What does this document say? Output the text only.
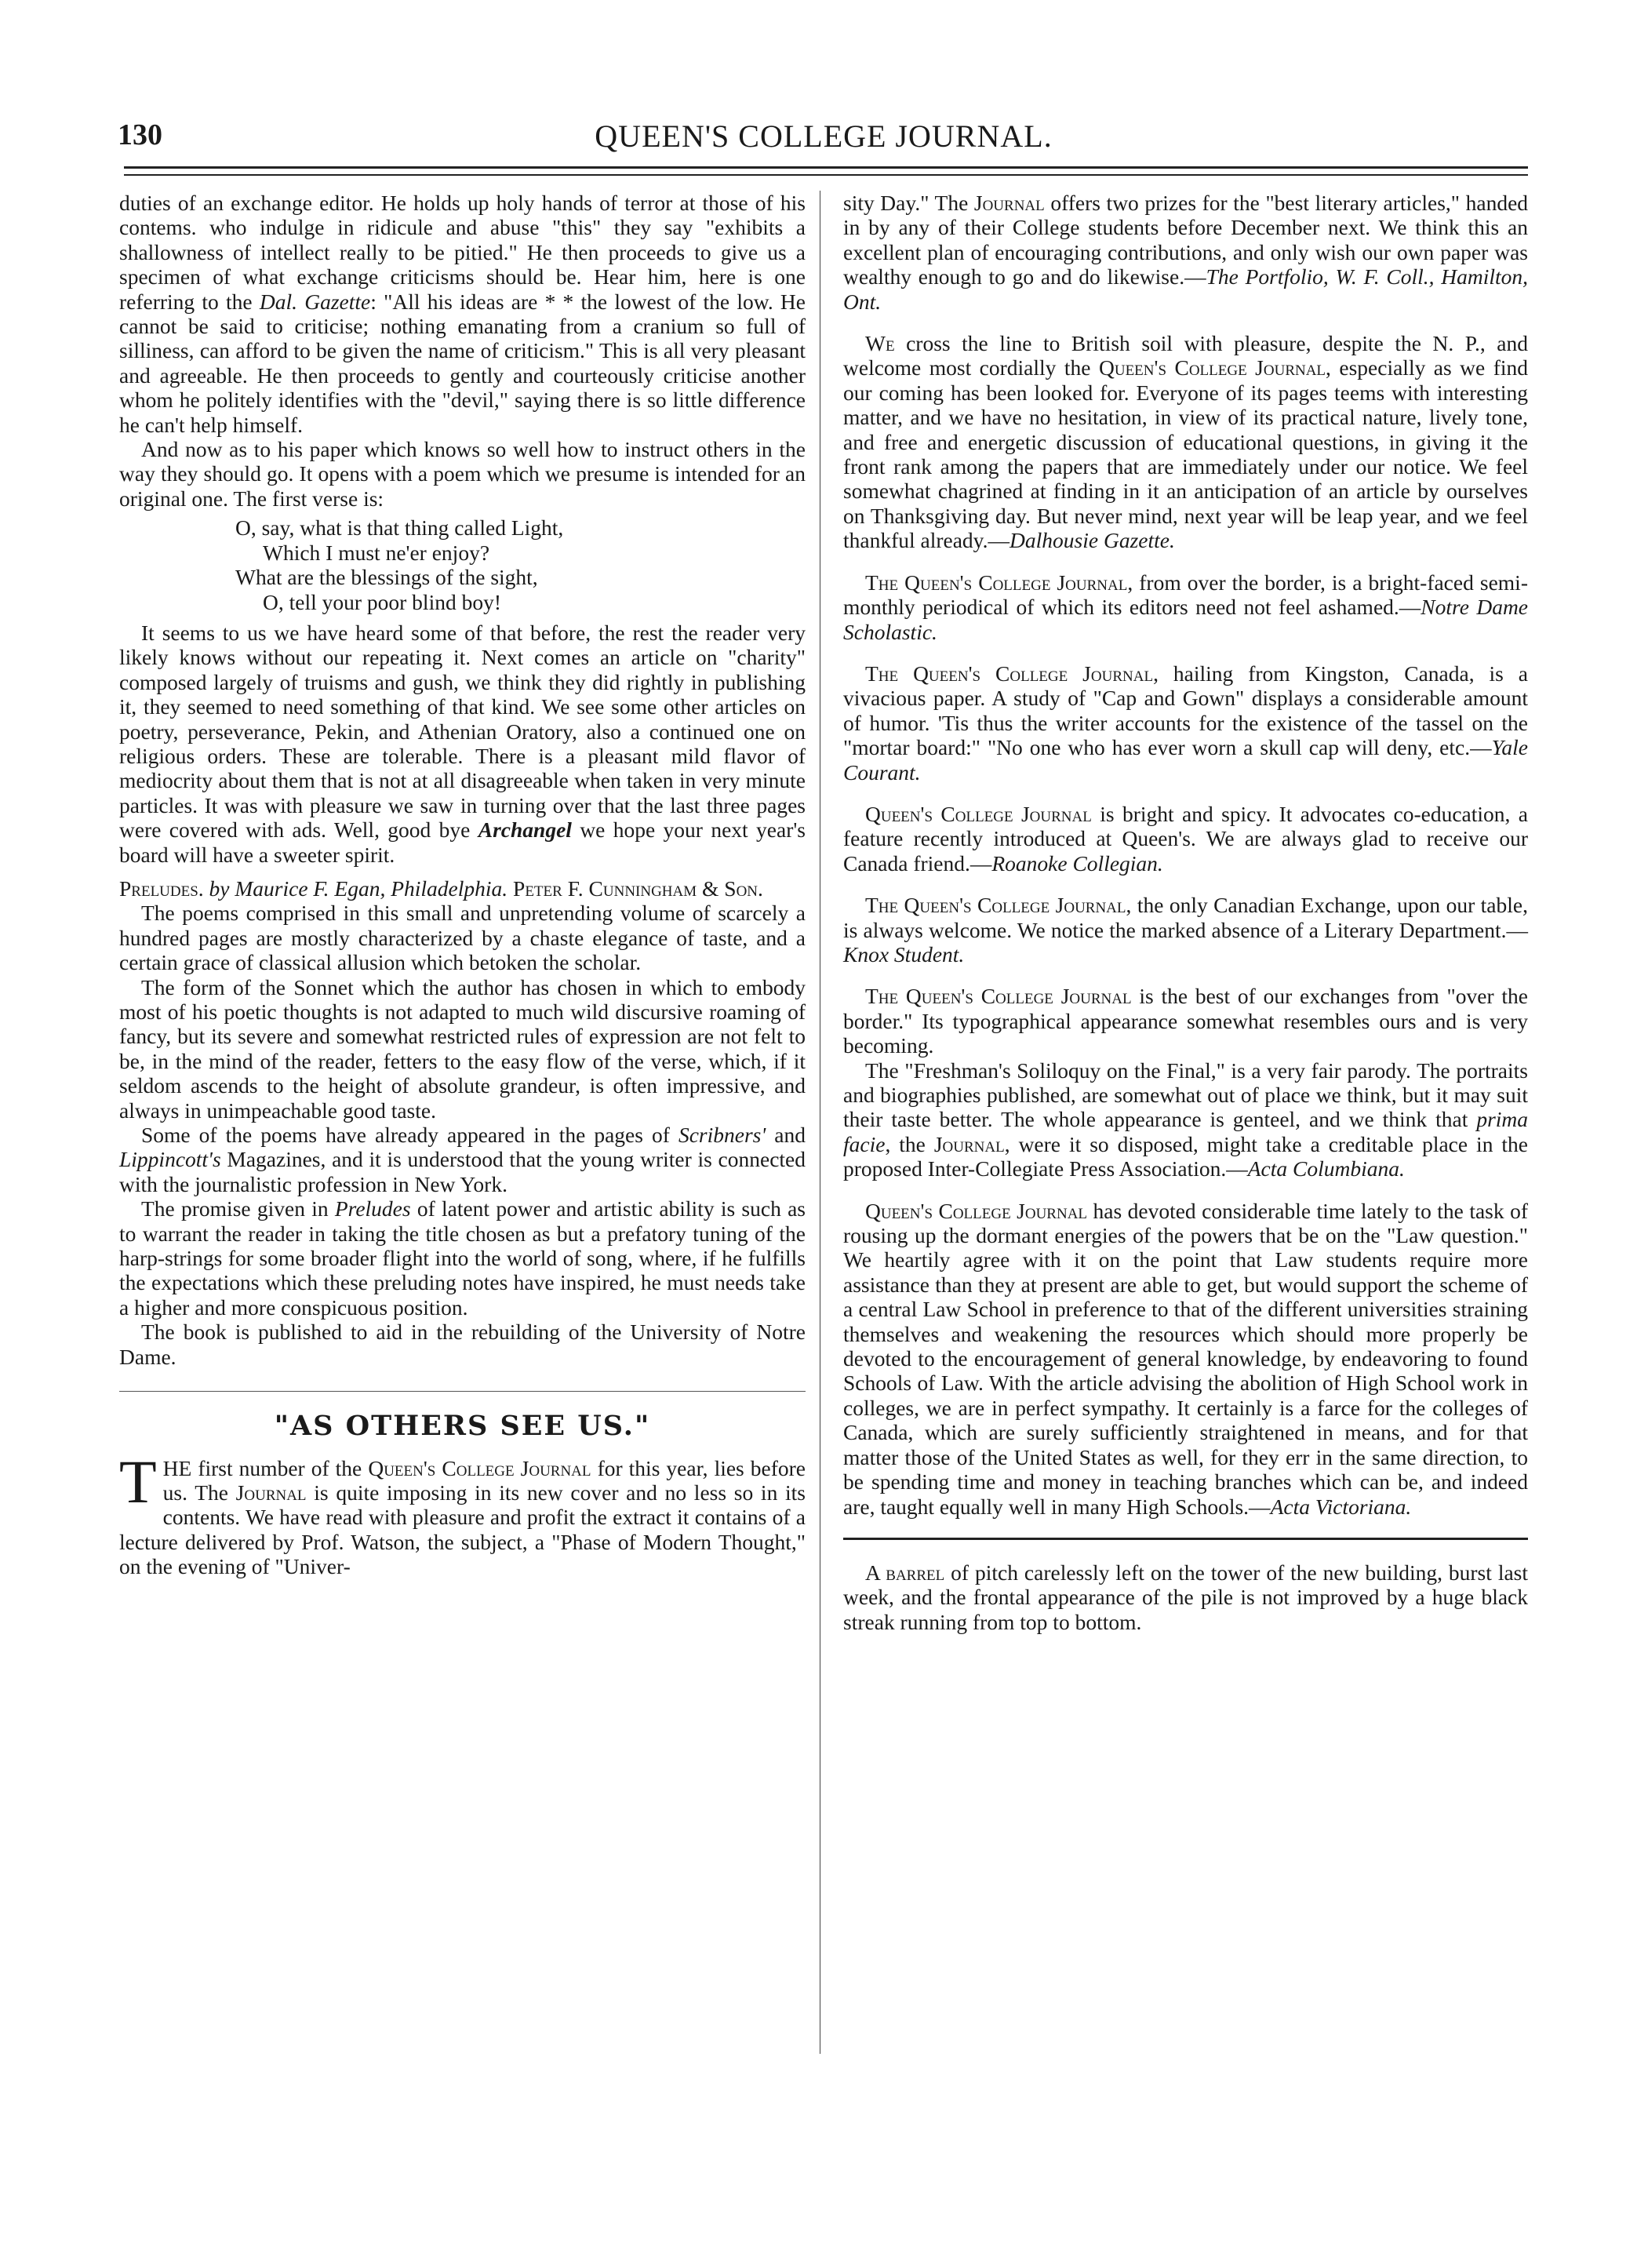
130	QUEEN'S COLLEGE JOURNAL.

duties of an exchange editor. He holds up holy hands of terror at those of his contems. who indulge in ridicule and abuse "this" they say "exhibits a shallowness of intellect really to be pitied." He then proceeds to give us a specimen of what exchange criticisms should be. Hear him, here is one referring to the Dal. Gazette: "All his ideas are * * the lowest of the low. He cannot be said to criticise; nothing emanating from a cranium so full of silliness, can afford to be given the name of criticism." This is all very pleasant and agreeable. He then proceeds to gently and courteously criticise another whom he politely identifies with the "devil," saying there is so little difference he can't help himself.

And now as to his paper which knows so well how to instruct others in the way they should go. It opens with a poem which we presume is intended for an original one. The first verse is:

O, say, what is that thing called Light,
Which I must ne'er enjoy?
What are the blessings of the sight,
O, tell your poor blind boy!

It seems to us we have heard some of that before, the rest the reader very likely knows without our repeating it. Next comes an article on "charity" composed largely of truisms and gush, we think they did rightly in publishing it, they seemed to need something of that kind. We see some other articles on poetry, perseverance, Pekin, and Athenian Oratory, also a continued one on religious orders. These are tolerable. There is a pleasant mild flavor of mediocrity about them that is not at all disagreeable when taken in very minute particles. It was with pleasure we saw in turning over that the last three pages were covered with ads. Well, good bye Archangel we hope your next year's board will have a sweeter spirit.

Preludes. by Maurice F. Egan, Philadelphia. Peter F. Cunningham & Son.

The poems comprised in this small and unpretending volume of scarcely a hundred pages are mostly characterized by a chaste elegance of taste, and a certain grace of classical allusion which betoken the scholar.

The form of the Sonnet which the author has chosen in which to embody most of his poetic thoughts is not adapted to much wild discursive roaming of fancy, but its severe and somewhat restricted rules of expression are not felt to be, in the mind of the reader, fetters to the easy flow of the verse, which, if it seldom ascends to the height of absolute grandeur, is often impressive, and always in unimpeachable good taste.

Some of the poems have already appeared in the pages of Scribners' and Lippincott's Magazines, and it is understood that the young writer is connected with the journalistic profession in New York.

The promise given in Preludes of latent power and artistic ability is such as to warrant the reader in taking the title chosen as but a prefatory tuning of the harp-strings for some broader flight into the world of song, where, if he fulfills the expectations which these preluding notes have inspired, he must needs take a higher and more conspicuous position.

The book is published to aid in the rebuilding of the University of Notre Dame.

"AS OTHERS SEE US."

THE first number of the Queen's College Journal for this year, lies before us. The Journal is quite imposing in its new cover and no less so in its contents. We have read with pleasure and profit the extract it contains of a lecture delivered by Prof. Watson, the subject, a "Phase of Modern Thought," on the evening of "Univer-

sity Day." The Journal offers two prizes for the "best literary articles," handed in by any of their College students before December next. We think this an excellent plan of encouraging contributions, and only wish our own paper was wealthy enough to go and do likewise.—The Portfolio, W. F. Coll., Hamilton, Ont.

We cross the line to British soil with pleasure, despite the N. P., and welcome most cordially the Queen's College Journal, especially as we find our coming has been looked for. Everyone of its pages teems with interesting matter, and we have no hesitation, in view of its practical nature, lively tone, and free and energetic discussion of educational questions, in giving it the front rank among the papers that are immediately under our notice. We feel somewhat chagrined at finding in it an anticipation of an article by ourselves on Thanksgiving day. But never mind, next year will be leap year, and we feel thankful already.—Dalhousie Gazette.

The Queen's College Journal, from over the border, is a bright-faced semi-monthly periodical of which its editors need not feel ashamed.—Notre Dame Scholastic.

The Queen's College Journal, hailing from Kingston, Canada, is a vivacious paper. A study of "Cap and Gown" displays a considerable amount of humor. 'Tis thus the writer accounts for the existence of the tassel on the "mortar board:" "No one who has ever worn a skull cap will deny, etc.—Yale Courant.

Queen's College Journal is bright and spicy. It advocates co-education, a feature recently introduced at Queen's. We are always glad to receive our Canada friend.—Roanoke Collegian.

The Queen's College Journal, the only Canadian Exchange, upon our table, is always welcome. We notice the marked absence of a Literary Department.—Knox Student.

The Queen's College Journal is the best of our exchanges from "over the border." Its typographical appearance somewhat resembles ours and is very becoming.

The "Freshman's Soliloquy on the Final," is a very fair parody. The portraits and biographies published, are somewhat out of place we think, but it may suit their taste better. The whole appearance is genteel, and we think that prima facie, the Journal, were it so disposed, might take a creditable place in the proposed Inter-Collegiate Press Association.—Acta Columbiana.

Queen's College Journal has devoted considerable time lately to the task of rousing up the dormant energies of the powers that be on the "Law question." We heartily agree with it on the point that Law students require more assistance than they at present are able to get, but would support the scheme of a central Law School in preference to that of the different universities straining themselves and weakening the resources which should more properly be devoted to the encouragement of general knowledge, by endeavoring to found Schools of Law. With the article advising the abolition of High School work in colleges, we are in perfect sympathy. It certainly is a farce for the colleges of Canada, which are surely sufficiently straightened in means, and for that matter those of the United States as well, for they err in the same direction, to be spending time and money in teaching branches which can be, and indeed are, taught equally well in many High Schools.—Acta Victoriana.

A barrel of pitch carelessly left on the tower of the new building, burst last week, and the frontal appearance of the pile is not improved by a huge black streak running from top to bottom.
